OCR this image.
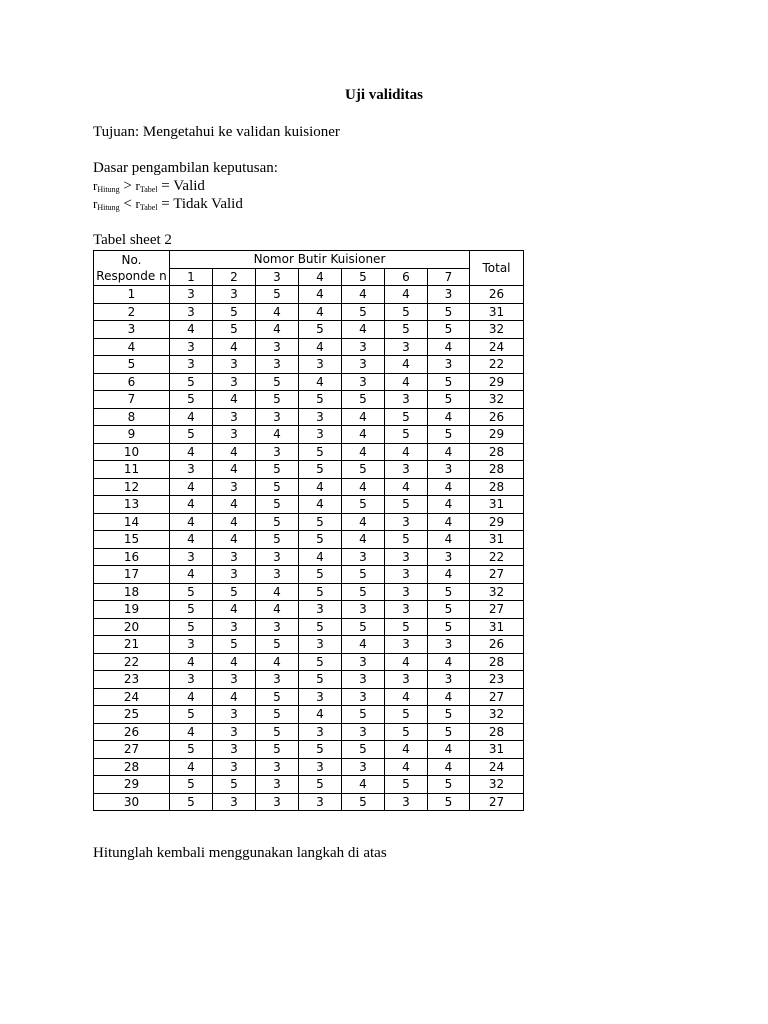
Uji validitas
Tujuan: Mengetahui ke validan kuisioner
Dasar pengambilan keputusan:
$r_{Hitung} > r_{Tabel}$ = Valid
$r_{Hitung} < r_{Tabel}$ = Tidak Valid
Tabel sheet 2
No. Responde n	Nomor Butir Kuisioner							Total
	1	2	3	4	5	6	7	
1	3	3	5	4	4	4	3	26
2	3	5	4	4	5	5	5	31
3	4	5	4	5	4	5	5	32
4	3	4	3	4	3	3	4	24
5	3	3	3	3	3	4	3	22
6	5	3	5	4	3	4	5	29
7	5	4	5	5	5	3	5	32
8	4	3	3	3	4	5	4	26
9	5	3	4	3	4	5	5	29
10	4	4	3	5	4	4	4	28
11	3	4	5	5	5	3	3	28
12	4	3	5	4	4	4	4	28
13	4	4	5	4	5	5	4	31
14	4	4	5	5	4	3	4	29
15	4	4	5	5	4	5	4	31
16	3	3	3	4	3	3	3	22
17	4	3	3	5	5	3	4	27
18	5	5	4	5	5	3	5	32
19	5	4	4	3	3	3	5	27
20	5	3	3	5	5	5	5	31
21	3	5	5	3	4	3	3	26
22	4	4	4	5	3	4	4	28
23	3	3	3	5	3	3	3	23
24	4	4	5	3	3	4	4	27
25	5	3	5	4	5	5	5	32
26	4	3	5	3	3	5	5	28
27	5	3	5	5	5	4	4	31
28	4	3	3	3	3	4	4	24
29	5	5	3	5	4	5	5	32
30	5	3	3	3	5	3	5	27
Hitunglah kembali menggunakan langkah di atas
